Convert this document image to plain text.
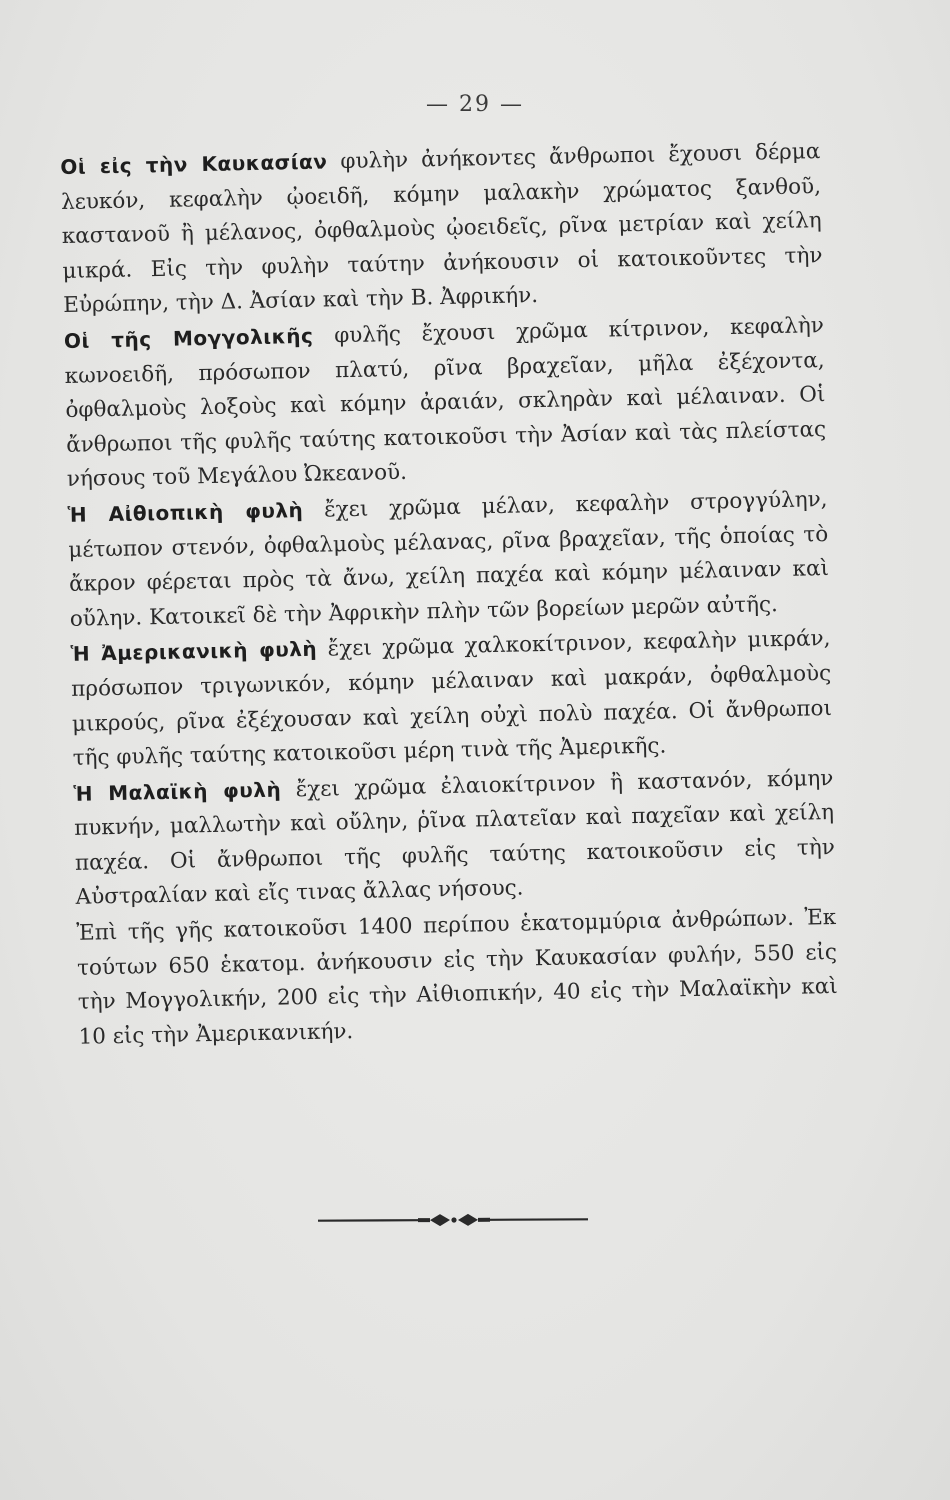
— 29 —

Οἱ εἰς τὴν Καυκασίαν φυλὴν ἀνήκοντες ἄνθρωποι ἔχουσι δέρμα λευκόν, κεφαλὴν ᾠοειδῆ, κόμην μαλακὴν χρώματος ξανθοῦ, καστανοῦ ἢ μέλανος, ὀφθαλμοὺς ᾠοειδεῖς, ρῖνα μετρίαν καὶ χείλη μικρά. Εἰς τὴν φυλὴν ταύτην ἀνήκουσιν οἱ κατοικοῦντες τὴν Εὐρώπην, τὴν Δ. Ἀσίαν καὶ τὴν Β. Ἀφρικήν.

Οἱ τῆς Μογγολικῆς φυλῆς ἔχουσι χρῶμα κίτρινον, κεφαλὴν κωνοειδῆ, πρόσωπον πλατύ, ρῖνα βραχεῖαν, μῆλα ἐξέχοντα, ὀφθαλμοὺς λοξοὺς καὶ κόμην ἀραιάν, σκληρὰν καὶ μέλαιναν. Οἱ ἄνθρωποι τῆς φυλῆς ταύτης κατοικοῦσι τὴν Ἀσίαν καὶ τὰς πλείστας νήσους τοῦ Μεγάλου Ὠκεανοῦ.

Ἡ Αἰθιοπικὴ φυλὴ ἔχει χρῶμα μέλαν, κεφαλὴν στρογγύλην, μέτωπον στενόν, ὀφθαλμοὺς μέλανας, ρῖνα βραχεῖαν, τῆς ὁποίας τὸ ἄκρον φέρεται πρὸς τὰ ἄνω, χείλη παχέα καὶ κόμην μέλαιναν καὶ οὔλην. Κατοικεῖ δὲ τὴν Ἀφρικὴν πλὴν τῶν βορείων μερῶν αὐτῆς.

Ἡ Ἀμερικανικὴ φυλὴ ἔχει χρῶμα χαλκοκίτρινον, κεφαλὴν μικράν, πρόσωπον τριγωνικόν, κόμην μέλαιναν καὶ μακράν, ὀφθαλμοὺς μικρούς, ρῖνα ἐξέχουσαν καὶ χείλη οὐχὶ πολὺ παχέα. Οἱ ἄνθρωποι τῆς φυλῆς ταύτης κατοικοῦσι μέρη τινὰ τῆς Ἀμερικῆς.

Ἡ Μαλαϊκὴ φυλὴ ἔχει χρῶμα ἐλαιοκίτρινον ἢ καστανόν, κόμην πυκνήν, μαλλωτὴν καὶ οὔλην, ῥῖνα πλατεῖαν καὶ παχεῖαν καὶ χείλη παχέα. Οἱ ἄνθρωποι τῆς φυλῆς ταύτης κατοικοῦσιν εἰς τὴν Αὐστραλίαν καὶ εἴς τινας ἄλλας νήσους.

Ἐπὶ τῆς γῆς κατοικοῦσι 1400 περίπου ἑκατομμύρια ἀνθρώπων. Ἐκ τούτων 650 ἑκατομ. ἀνήκουσιν εἰς τὴν Καυκασίαν φυλήν, 550 εἰς τὴν Μογγολικήν, 200 εἰς τὴν Αἰθιοπικήν, 40 εἰς τὴν Μαλαϊκὴν καὶ 10 εἰς τὴν Ἀμερικανικήν.
